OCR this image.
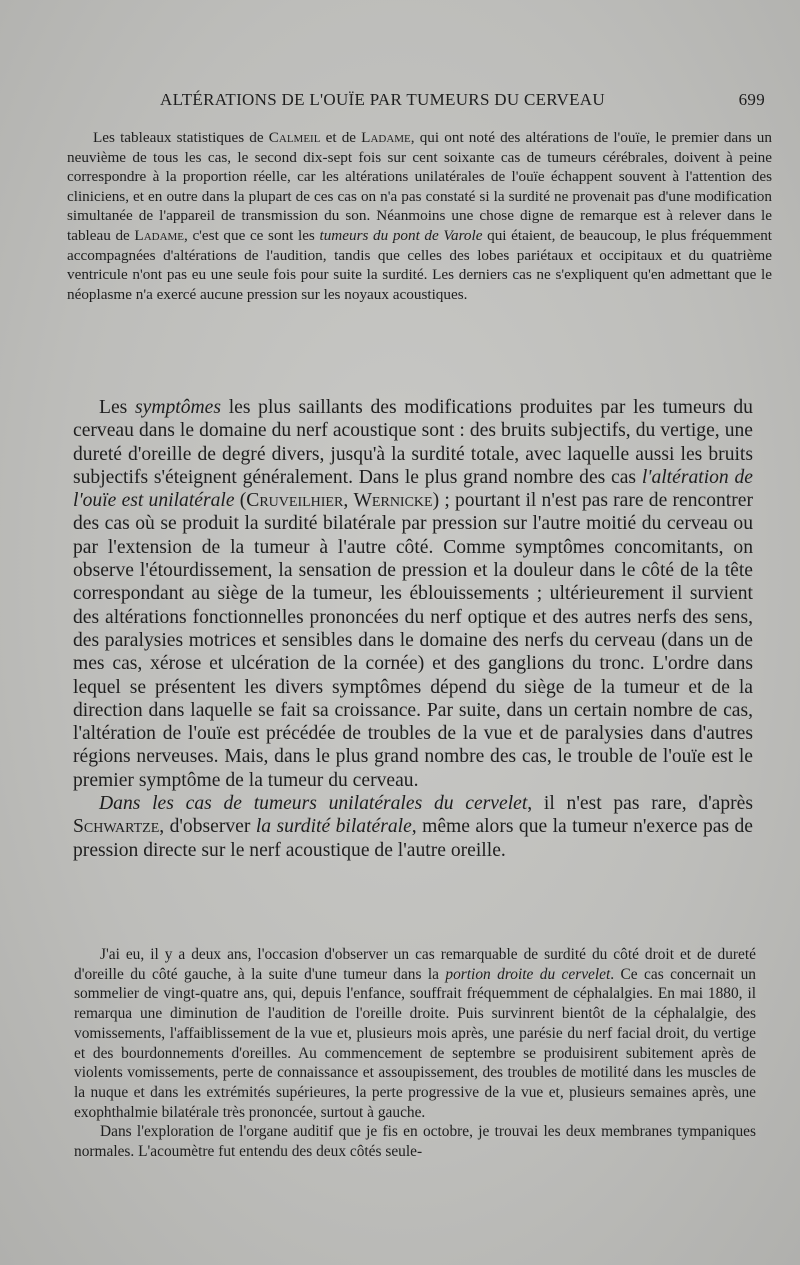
ALTÉRATIONS DE L'OUÏE PAR TUMEURS DU CERVEAU	699

Les tableaux statistiques de Calmeil et de Ladame, qui ont noté des altérations de l'ouïe, le premier dans un neuvième de tous les cas, le second dix-sept fois sur cent soixante cas de tumeurs cérébrales, doivent à peine correspondre à la proportion réelle, car les altérations unilatérales de l'ouïe échappent souvent à l'attention des cliniciens, et en outre dans la plupart de ces cas on n'a pas constaté si la surdité ne provenait pas d'une modification simultanée de l'appareil de transmission du son. Néanmoins une chose digne de remarque est à relever dans le tableau de Ladame, c'est que ce sont les tumeurs du pont de Varole qui étaient, de beaucoup, le plus fréquemment accompagnées d'altérations de l'audition, tandis que celles des lobes pariétaux et occipitaux et du quatrième ventricule n'ont pas eu une seule fois pour suite la surdité. Les derniers cas ne s'expliquent qu'en admettant que le néoplasme n'a exercé aucune pression sur les noyaux acoustiques.

Les symptômes les plus saillants des modifications produites par les tumeurs du cerveau dans le domaine du nerf acoustique sont : des bruits subjectifs, du vertige, une dureté d'oreille de degré divers, jusqu'à la surdité totale, avec laquelle aussi les bruits subjectifs s'éteignent généralement. Dans le plus grand nombre des cas l'altération de l'ouïe est unilatérale (Cruveilhier, Wernicke) ; pourtant il n'est pas rare de rencontrer des cas où se produit la surdité bilatérale par pression sur l'autre moitié du cerveau ou par l'extension de la tumeur à l'autre côté. Comme symptômes concomitants, on observe l'étourdissement, la sensation de pression et la douleur dans le côté de la tête correspondant au siège de la tumeur, les éblouissements ; ultérieurement il survient des altérations fonctionnelles prononcées du nerf optique et des autres nerfs des sens, des paralysies motrices et sensibles dans le domaine des nerfs du cerveau (dans un de mes cas, xérose et ulcération de la cornée) et des ganglions du tronc. L'ordre dans lequel se présentent les divers symptômes dépend du siège de la tumeur et de la direction dans laquelle se fait sa croissance. Par suite, dans un certain nombre de cas, l'altération de l'ouïe est précédée de troubles de la vue et de paralysies dans d'autres régions nerveuses. Mais, dans le plus grand nombre des cas, le trouble de l'ouïe est le premier symptôme de la tumeur du cerveau.

Dans les cas de tumeurs unilatérales du cervelet, il n'est pas rare, d'après Schwartze, d'observer la surdité bilatérale, même alors que la tumeur n'exerce pas de pression directe sur le nerf acoustique de l'autre oreille.

J'ai eu, il y a deux ans, l'occasion d'observer un cas remarquable de surdité du côté droit et de dureté d'oreille du côté gauche, à la suite d'une tumeur dans la portion droite du cervelet. Ce cas concernait un sommelier de vingt-quatre ans, qui, depuis l'enfance, souffrait fréquemment de céphalalgies. En mai 1880, il remarqua une diminution de l'audition de l'oreille droite. Puis survinrent bientôt de la céphalalgie, des vomissements, l'affaiblissement de la vue et, plusieurs mois après, une parésie du nerf facial droit, du vertige et des bourdonnements d'oreilles. Au commencement de septembre se produisirent subitement après de violents vomissements, perte de connaissance et assoupissement, des troubles de motilité dans les muscles de la nuque et dans les extrémités supérieures, la perte progressive de la vue et, plusieurs semaines après, une exophthalmie bilatérale très prononcée, surtout à gauche.

Dans l'exploration de l'organe auditif que je fis en octobre, je trouvai les deux membranes tympaniques normales. L'acoumètre fut entendu des deux côtés seule-
